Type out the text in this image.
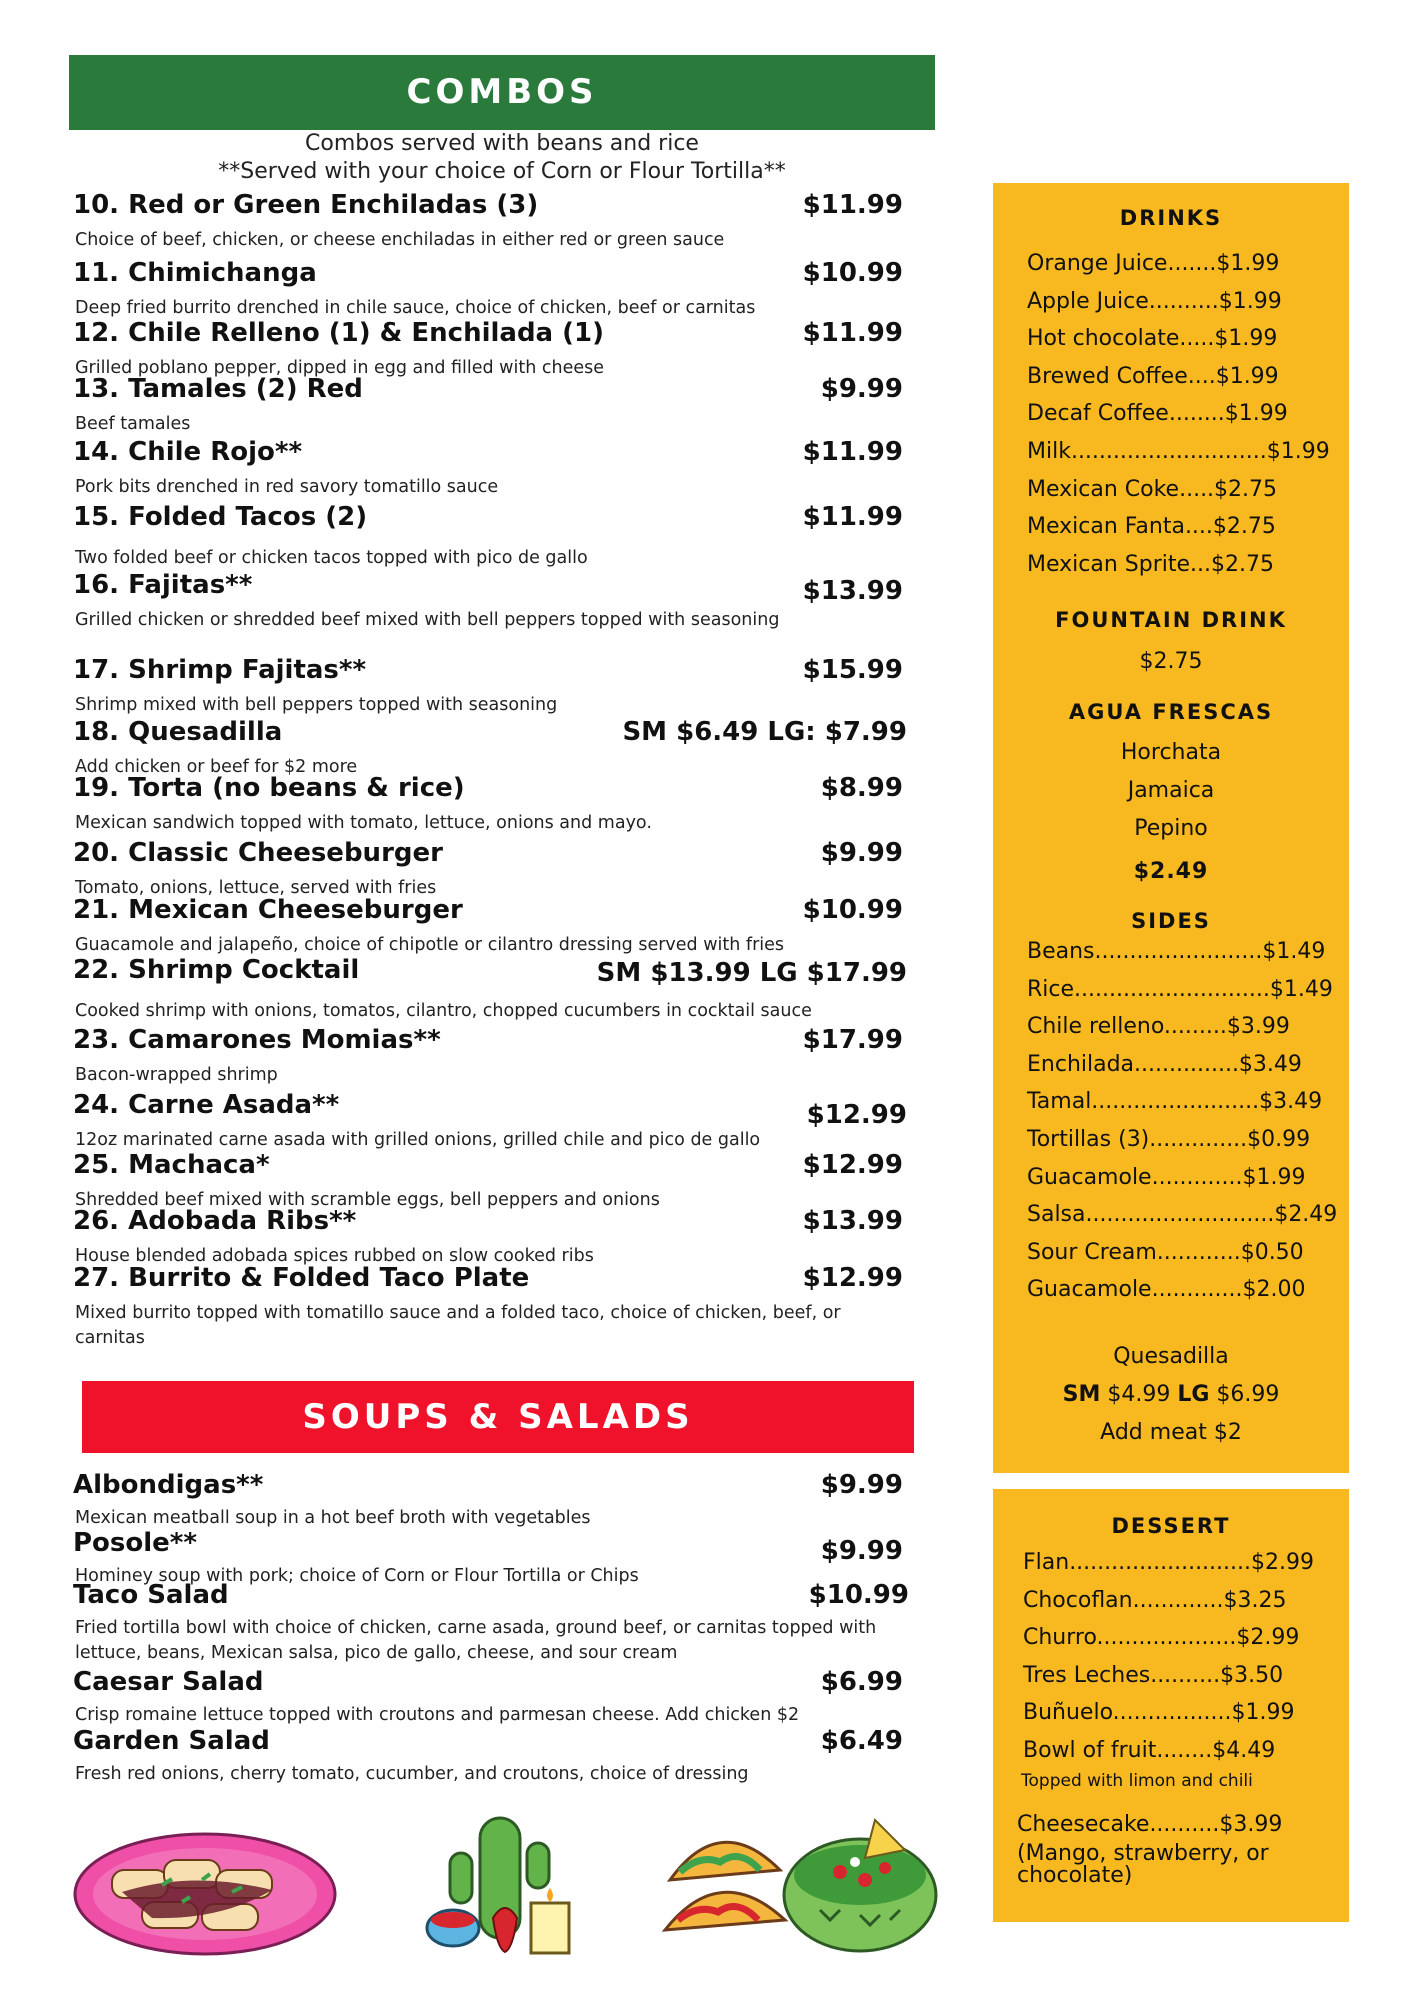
COMBOS
Combos served with beans and rice
**Served with your choice of Corn or Flour Tortilla**
10. Red or Green Enchiladas (3)	$11.99
Choice of beef, chicken, or cheese enchiladas in either red or green sauce
11. Chimichanga	$10.99
Deep fried burrito drenched in chile sauce, choice of chicken, beef or carnitas
12. Chile Relleno (1) & Enchilada (1)	$11.99
Grilled poblano pepper, dipped in egg and filled with cheese
13. Tamales (2) Red	$9.99
Beef tamales
14. Chile Rojo**	$11.99
Pork bits drenched in red savory tomatillo sauce
15. Folded Tacos (2)	$11.99
Two folded beef or chicken tacos topped with pico de gallo
16. Fajitas**	$13.99
Grilled chicken or shredded beef mixed with bell peppers topped with seasoning
17. Shrimp Fajitas**	$15.99
Shrimp mixed with bell peppers topped with seasoning
18. Quesadilla	SM $6.49 LG: $7.99
Add chicken or beef for $2 more
19. Torta (no beans & rice)	$8.99
Mexican sandwich topped with tomato, lettuce, onions and mayo.
20. Classic Cheeseburger	$9.99
Tomato, onions, lettuce, served with fries
21. Mexican Cheeseburger	$10.99
Guacamole and jalapeño, choice of chipotle or cilantro dressing served with fries
22. Shrimp Cocktail	SM $13.99 LG $17.99
Cooked shrimp with onions, tomatos, cilantro, chopped cucumbers in cocktail sauce
23. Camarones Momias**	$17.99
Bacon-wrapped shrimp
24. Carne Asada**	$12.99
12oz marinated carne asada with grilled onions, grilled chile and pico de gallo
25. Machaca*	$12.99
Shredded beef mixed with scramble eggs, bell peppers and onions
26. Adobada Ribs**	$13.99
House blended adobada spices rubbed on slow cooked ribs
27. Burrito & Folded Taco Plate	$12.99
Mixed burrito topped with tomatillo sauce and a folded taco, choice of chicken, beef, or carnitas
SOUPS & SALADS
Albondigas**	$9.99
Mexican meatball soup in a hot beef broth with vegetables
Posole**	$9.99
Hominey soup with pork; choice of Corn or Flour Tortilla or Chips
Taco Salad	$10.99
Fried tortilla bowl with choice of chicken, carne asada, ground beef, or carnitas topped with lettuce, beans, Mexican salsa, pico de gallo, cheese, and sour cream
Caesar Salad	$6.99
Crisp romaine lettuce topped with croutons and parmesan cheese. Add chicken $2
Garden Salad	$6.49
Fresh red onions, cherry tomato, cucumber, and croutons, choice of dressing
DRINKS
Orange Juice.......$1.99
Apple Juice..........$1.99
Hot chocolate.....$1.99
Brewed Coffee....$1.99
Decaf Coffee........$1.99
Milk............................$1.99
Mexican Coke.....$2.75
Mexican Fanta....$2.75
Mexican Sprite...$2.75
FOUNTAIN DRINK
$2.75
AGUA FRESCAS
Horchata
Jamaica
Pepino
$2.49
SIDES
Beans........................$1.49
Rice............................$1.49
Chile relleno.........$3.99
Enchilada...............$3.49
Tamal........................$3.49
Tortillas (3)..............$0.99
Guacamole.............$1.99
Salsa...........................$2.49
Sour Cream............$0.50
Guacamole.............$2.00
Quesadilla
SM $4.99 LG $6.99
Add meat $2
DESSERT
Flan..........................$2.99
Chocoflan.............$3.25
Churro....................$2.99
Tres Leches..........$3.50
Buñuelo.................$1.99
Bowl of fruit........$4.49
Topped with limon and chili
Cheesecake..........$3.99
(Mango, strawberry, or chocolate)
